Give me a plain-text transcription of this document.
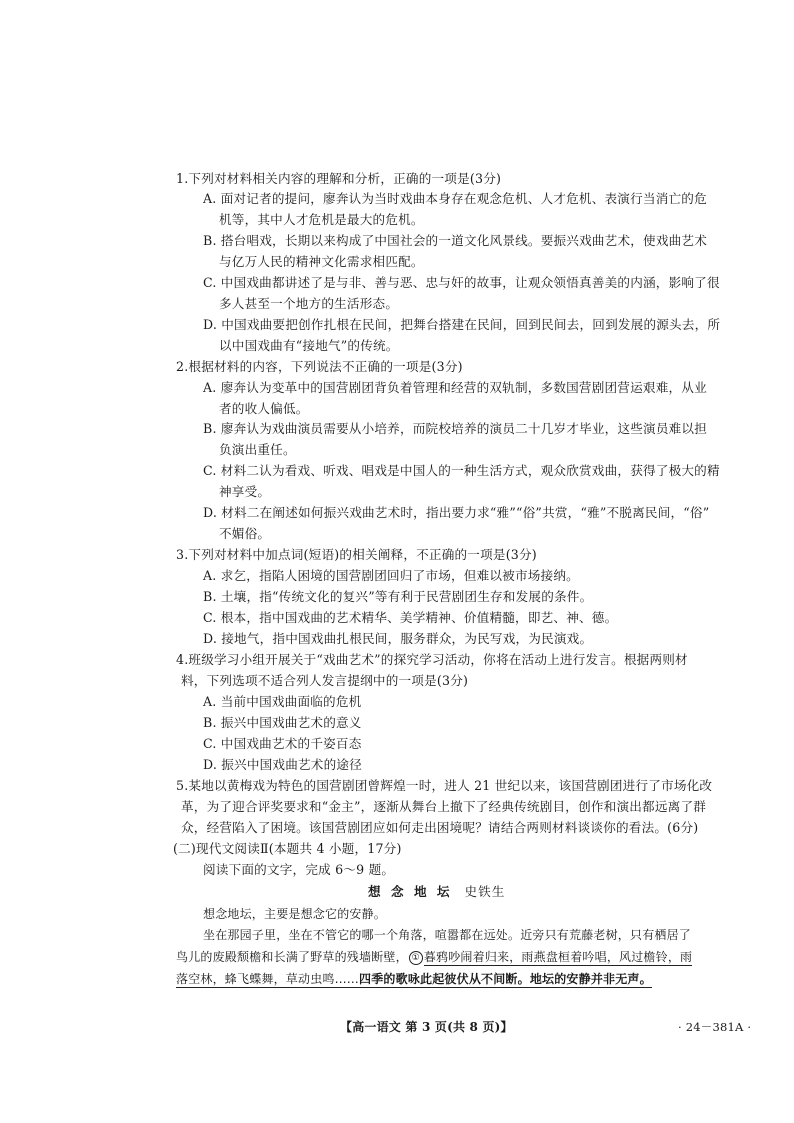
1.下列对材料相关内容的理解和分析，正确的一项是(3分)
A. 面对记者的提问，廖奔认为当时戏曲本身存在观念危机、人才危机、表演行当消亡的危
机等，其中人才危机是最大的危机。
B. 搭台唱戏，长期以来构成了中国社会的一道文化风景线。要振兴戏曲艺术，使戏曲艺术
与亿万人民的精神文化需求相匹配。
C. 中国戏曲都讲述了是与非、善与恶、忠与奸的故事，让观众领悟真善美的内涵，影响了很
多人甚至一个地方的生活形态。
D. 中国戏曲要把创作扎根在民间，把舞台搭建在民间，回到民间去，回到发展的源头去，所
以中国戏曲有“接地气”的传统。
2.根据材料的内容，下列说法不正确的一项是(3分)
A. 廖奔认为变革中的国营剧团背负着管理和经营的双轨制，多数国营剧团营运艰难，从业
者的收人偏低。
B. 廖奔认为戏曲演员需要从小培养，而院校培养的演员二十几岁才毕业，这些演员难以担
负演出重任。
C. 材料二认为看戏、听戏、唱戏是中国人的一种生活方式，观众欣赏戏曲，获得了极大的精
神享受。
D. 材料二在阐述如何振兴戏曲艺术时，指出要力求“雅”“俗”共赏，“雅”不脱离民间，“俗”
不媚俗。
3.下列对材料中加点词(短语)的相关阐释，不正确的一项是(3分)
A. 求乞，指陷人困境的国营剧团回归了市场，但难以被市场接纳。
B. 土壤，指“传统文化的复兴”等有利于民营剧团生存和发展的条件。
C. 根本，指中国戏曲的艺术精华、美学精神、价值精髓，即艺、神、德。
D. 接地气，指中国戏曲扎根民间，服务群众，为民写戏，为民演戏。
4.班级学习小组开展关于“戏曲艺术”的探究学习活动，你将在活动上进行发言。根据两则材
料，下列选项不适合列人发言提纲中的一项是(3分)
A. 当前中国戏曲面临的危机
B. 振兴中国戏曲艺术的意义
C. 中国戏曲艺术的千姿百态
D. 振兴中国戏曲艺术的途径
5.某地以黄梅戏为特色的国营剧团曾辉煌一时，进人 21 世纪以来，该国营剧团进行了市场化改
革，为了迎合评奖要求和“金主”，逐渐从舞台上撤下了经典传统剧目，创作和演出都远离了群
众，经营陷入了困境。该国营剧团应如何走出困境呢？请结合两则材料谈谈你的看法。(6分)
(二)现代文阅读Ⅱ(本题共 4 小题，17分)
阅读下面的文字，完成 6～9 题。
想 念 地 坛 史铁生
想念地坛，主要是想念它的安静。
坐在那园子里，坐在不管它的哪一个角落，喧嚣都在远处。近旁只有荒藤老树，只有栖居了
鸟儿的废殿颓檐和长满了野草的残墙断壁， ① 暮鸦吵闹着归来，雨燕盘桓着吟唱，风过檐铃，雨
落空林，蜂飞蝶舞，草动虫鸣……四季的歌咏此起彼伏从不间断。地坛的安静并非无声。
【高一语文 第 3 页(共 8 页)】	· 24－381A ·
